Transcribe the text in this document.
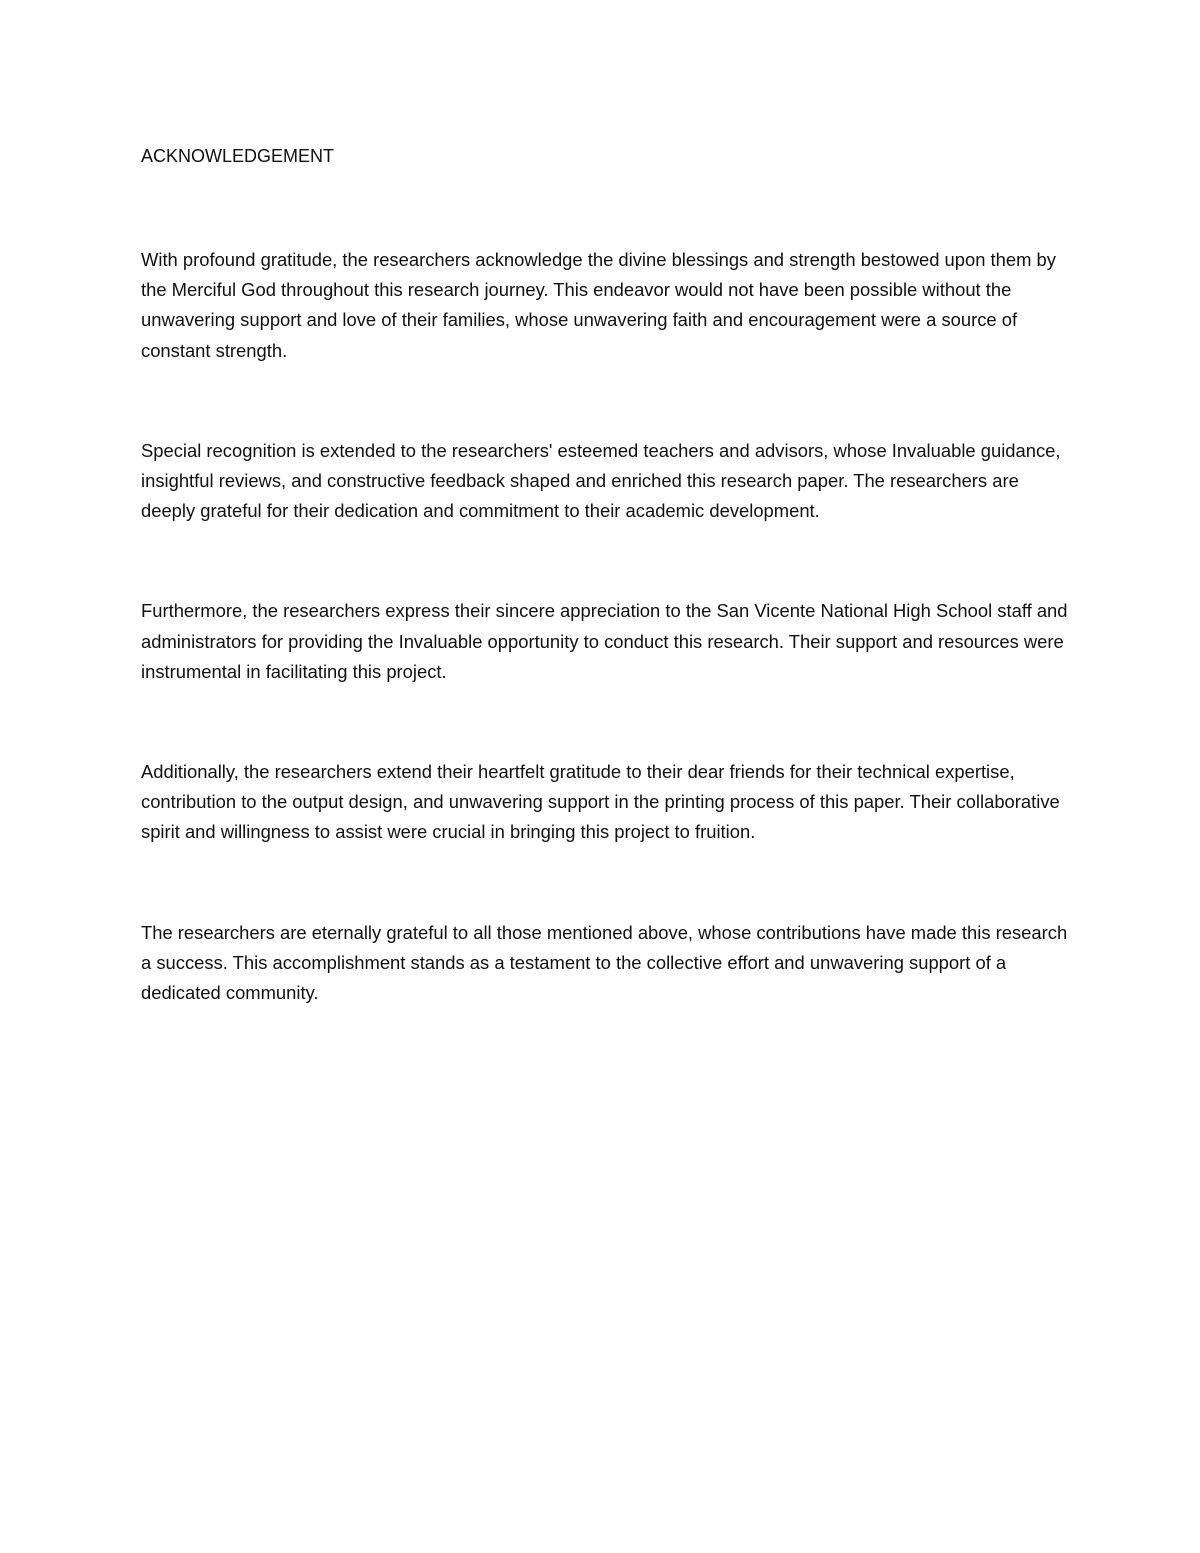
ACKNOWLEDGEMENT

With profound gratitude, the researchers acknowledge the divine blessings and strength bestowed upon them by the Merciful God throughout this research journey. This endeavor would not have been possible without the unwavering support and love of their families, whose unwavering faith and encouragement were a source of constant strength.

Special recognition is extended to the researchers' esteemed teachers and advisors, whose Invaluable guidance, insightful reviews, and constructive feedback shaped and enriched this research paper. The researchers are deeply grateful for their dedication and commitment to their academic development.

Furthermore, the researchers express their sincere appreciation to the San Vicente National High School staff and administrators for providing the Invaluable opportunity to conduct this research. Their support and resources were instrumental in facilitating this project.

Additionally, the researchers extend their heartfelt gratitude to their dear friends for their technical expertise, contribution to the output design, and unwavering support in the printing process of this paper. Their collaborative spirit and willingness to assist were crucial in bringing this project to fruition.

The researchers are eternally grateful to all those mentioned above, whose contributions have made this research a success. This accomplishment stands as a testament to the collective effort and unwavering support of a dedicated community.
